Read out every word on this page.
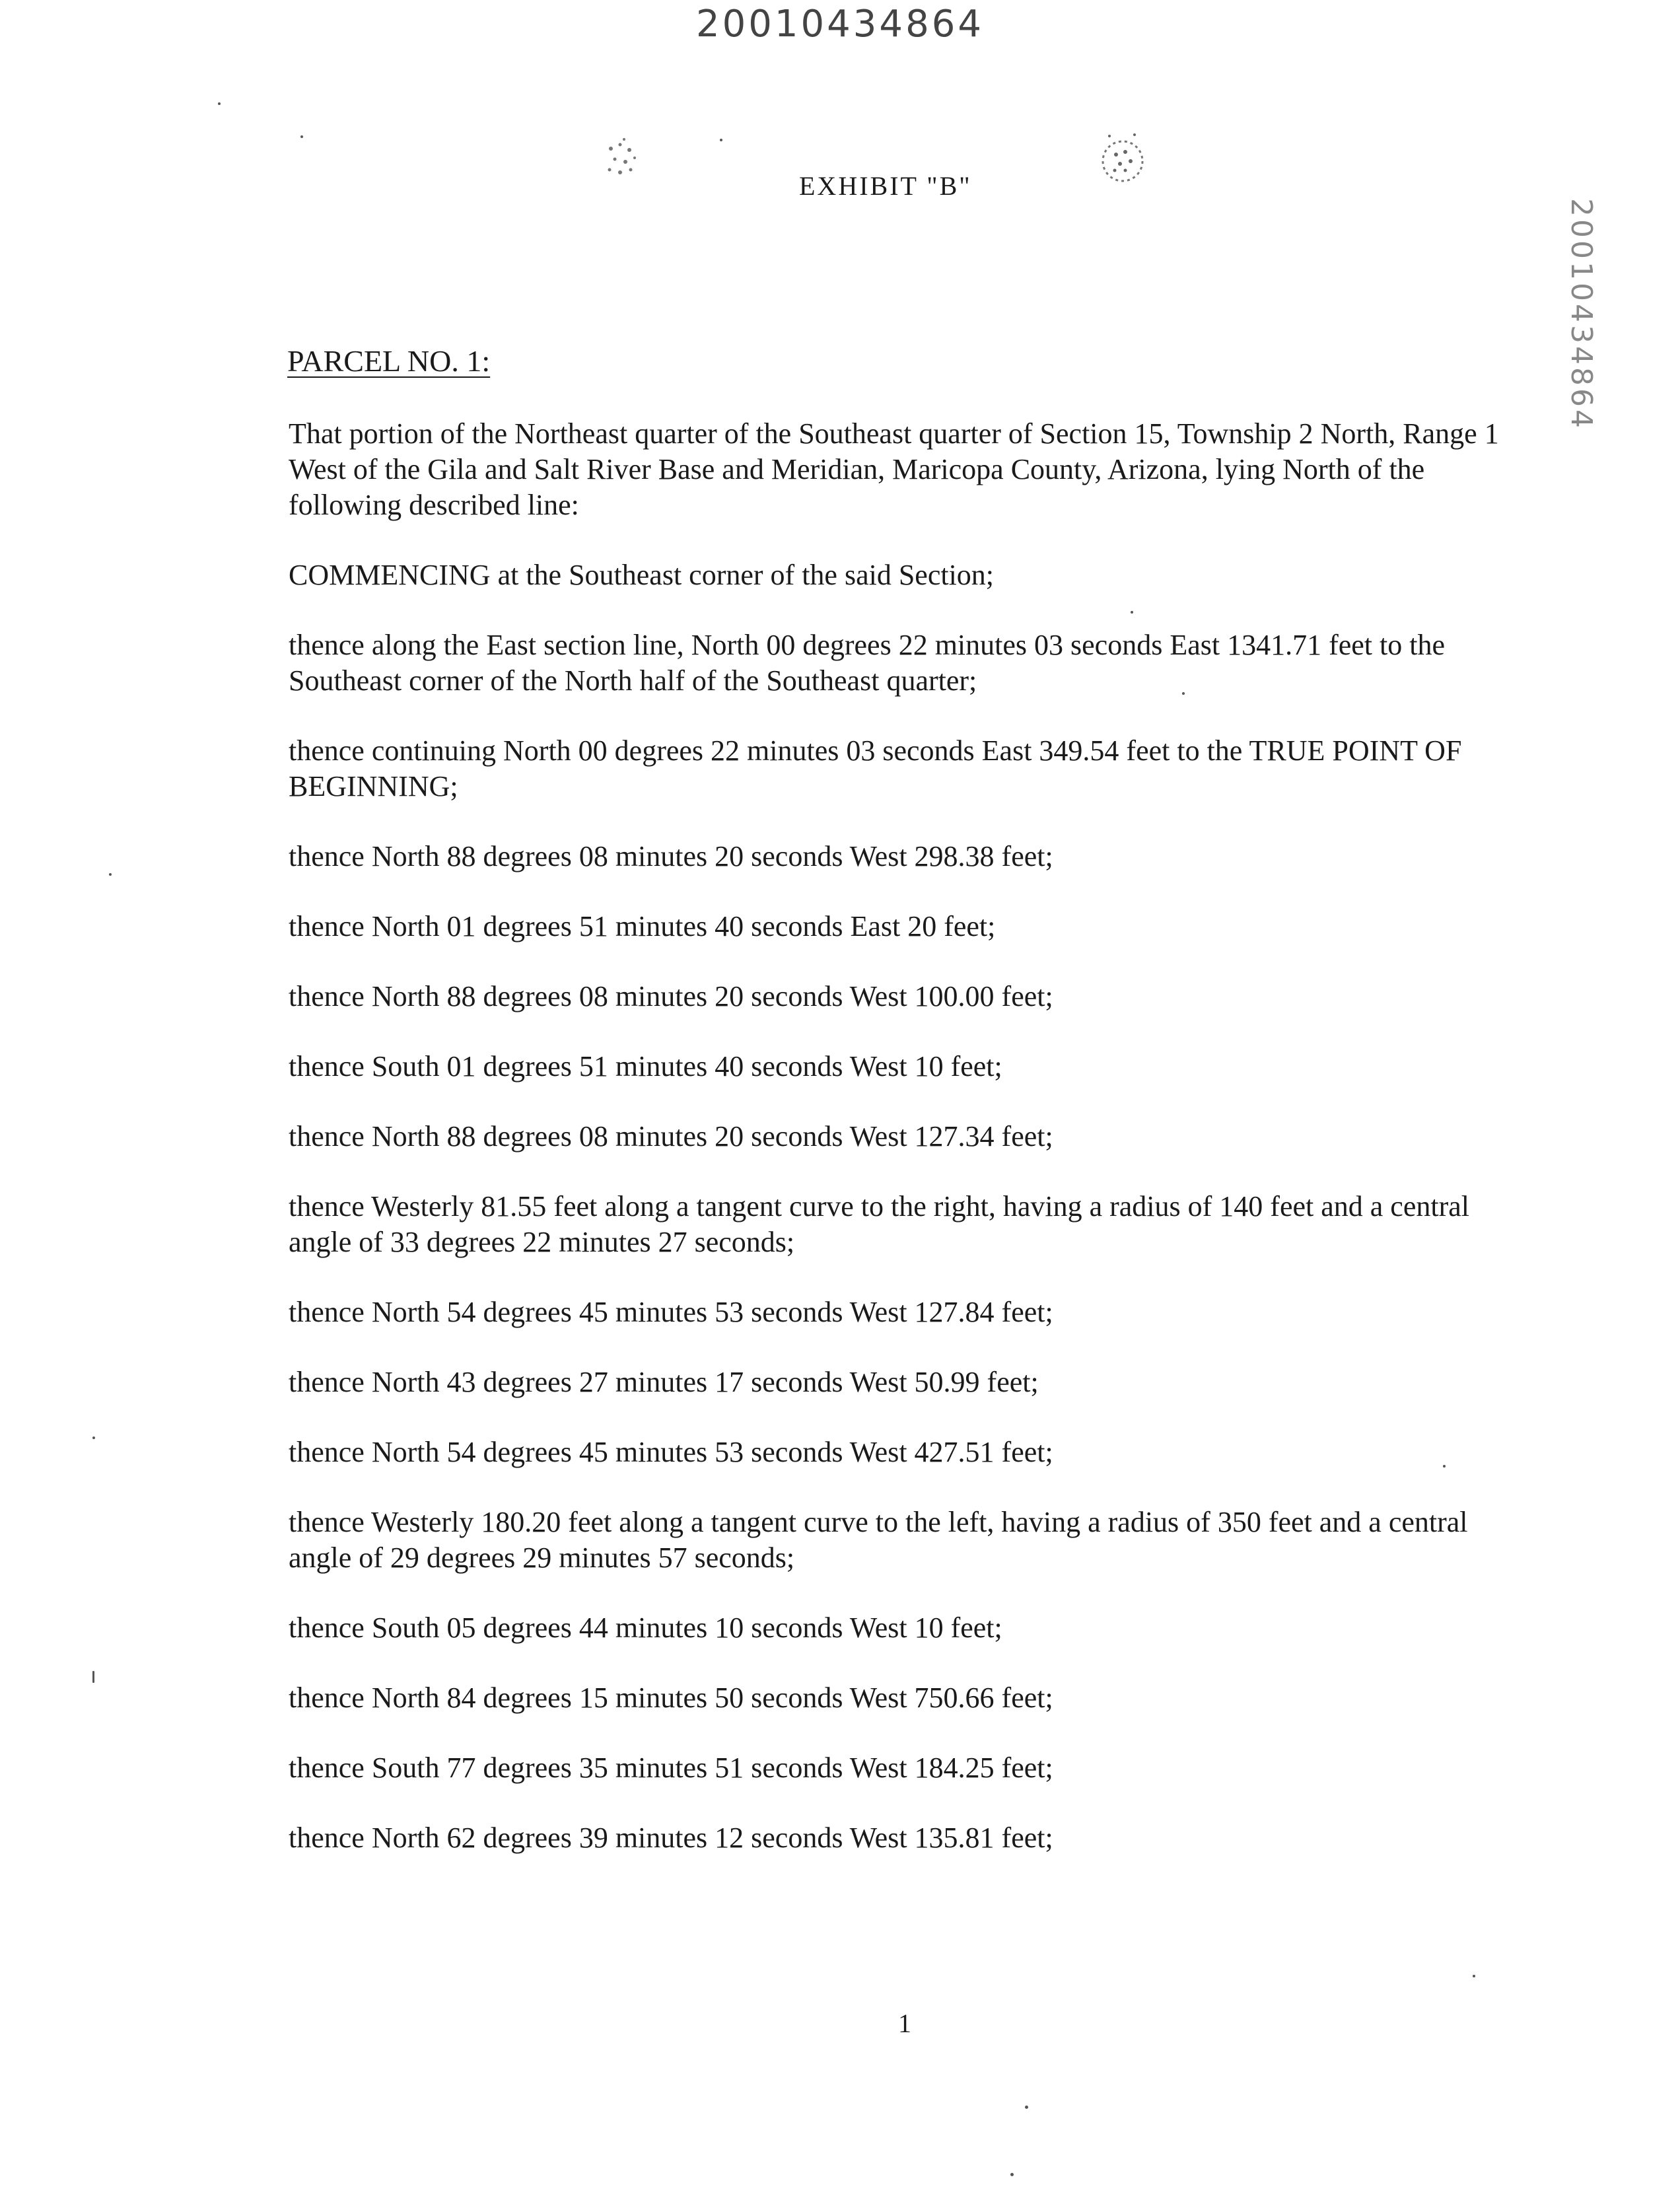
20010434864
20010434864
EXHIBIT "B"
PARCEL NO. 1:

That portion of the Northeast quarter of the Southeast quarter of Section 15, Township 2 North, Range 1 West of the Gila and Salt River Base and Meridian, Maricopa County, Arizona, lying North of the following described line:

COMMENCING at the Southeast corner of the said Section;

thence along the East section line, North 00 degrees 22 minutes 03 seconds East 1341.71 feet to the Southeast corner of the North half of the Southeast quarter;

thence continuing North 00 degrees 22 minutes 03 seconds East 349.54 feet to the TRUE POINT OF BEGINNING;

thence North 88 degrees 08 minutes 20 seconds West 298.38 feet;

thence North 01 degrees 51 minutes 40 seconds East 20 feet;

thence North 88 degrees 08 minutes 20 seconds West 100.00 feet;

thence South 01 degrees 51 minutes 40 seconds West 10 feet;

thence North 88 degrees 08 minutes 20 seconds West 127.34 feet;

thence Westerly 81.55 feet along a tangent curve to the right, having a radius of 140 feet and a central angle of 33 degrees 22 minutes 27 seconds;

thence North 54 degrees 45 minutes 53 seconds West 127.84 feet;

thence North 43 degrees 27 minutes 17 seconds West 50.99 feet;

thence North 54 degrees 45 minutes 53 seconds West 427.51 feet;

thence Westerly 180.20 feet along a tangent curve to the left, having a radius of 350 feet and a central angle of 29 degrees 29 minutes 57 seconds;

thence South 05 degrees 44 minutes 10 seconds West 10 feet;

thence North 84 degrees 15 minutes 50 seconds West 750.66 feet;

thence South 77 degrees 35 minutes 51 seconds West 184.25 feet;

thence North 62 degrees 39 minutes 12 seconds West 135.81 feet;

1
